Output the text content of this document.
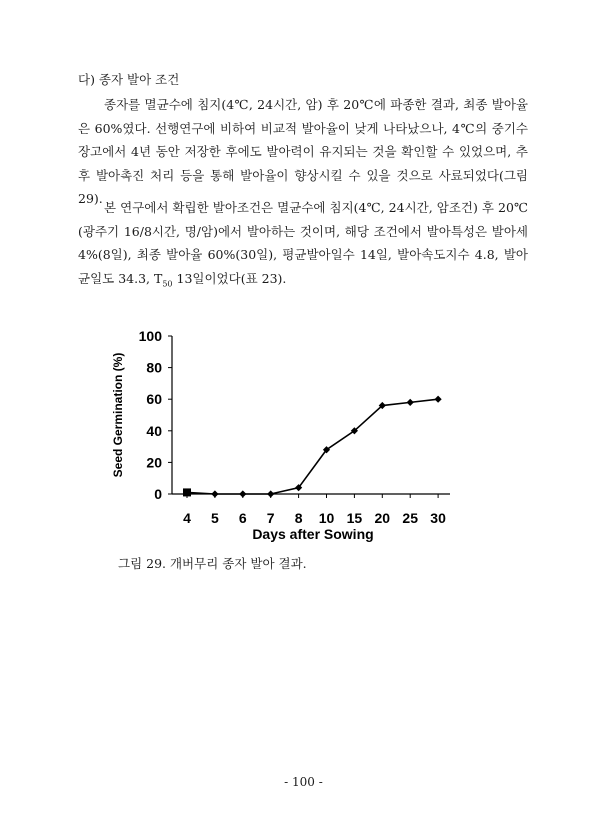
다) 종자 발아 조건

종자를 멸균수에 침지(4℃, 24시간, 암) 후 20℃에 파종한 결과, 최종 발아율은 60%였다. 선행연구에 비하여 비교적 발아율이 낮게 나타났으나, 4℃의 중기수장고에서 4년 동안 저장한 후에도 발아력이 유지되는 것을 확인할 수 있었으며, 추후 발아촉진 처리 등을 통해 발아율이 향상시킬 수 있을 것으로 사료되었다(그림 29).

본 연구에서 확립한 발아조건은 멸균수에 침지(4℃, 24시간, 암조건) 후 20℃(광주기 16/8시간, 명/암)에서 발아하는 것이며, 해당 조건에서 발아특성은 발아세 4%(8일), 최종 발아율 60%(30일), 평균발아일수 14일, 발아속도지수 4.8, 발아균일도 34.3, $T_{50}$ 13일이었다(표 23).

0
20
40
60
80
100
4 5 6 7 8 10 15 20 25 30
Days after Sowing
Seed Germination (%)
그림 29. 개버무리 종자 발아 결과.
- 100 -
